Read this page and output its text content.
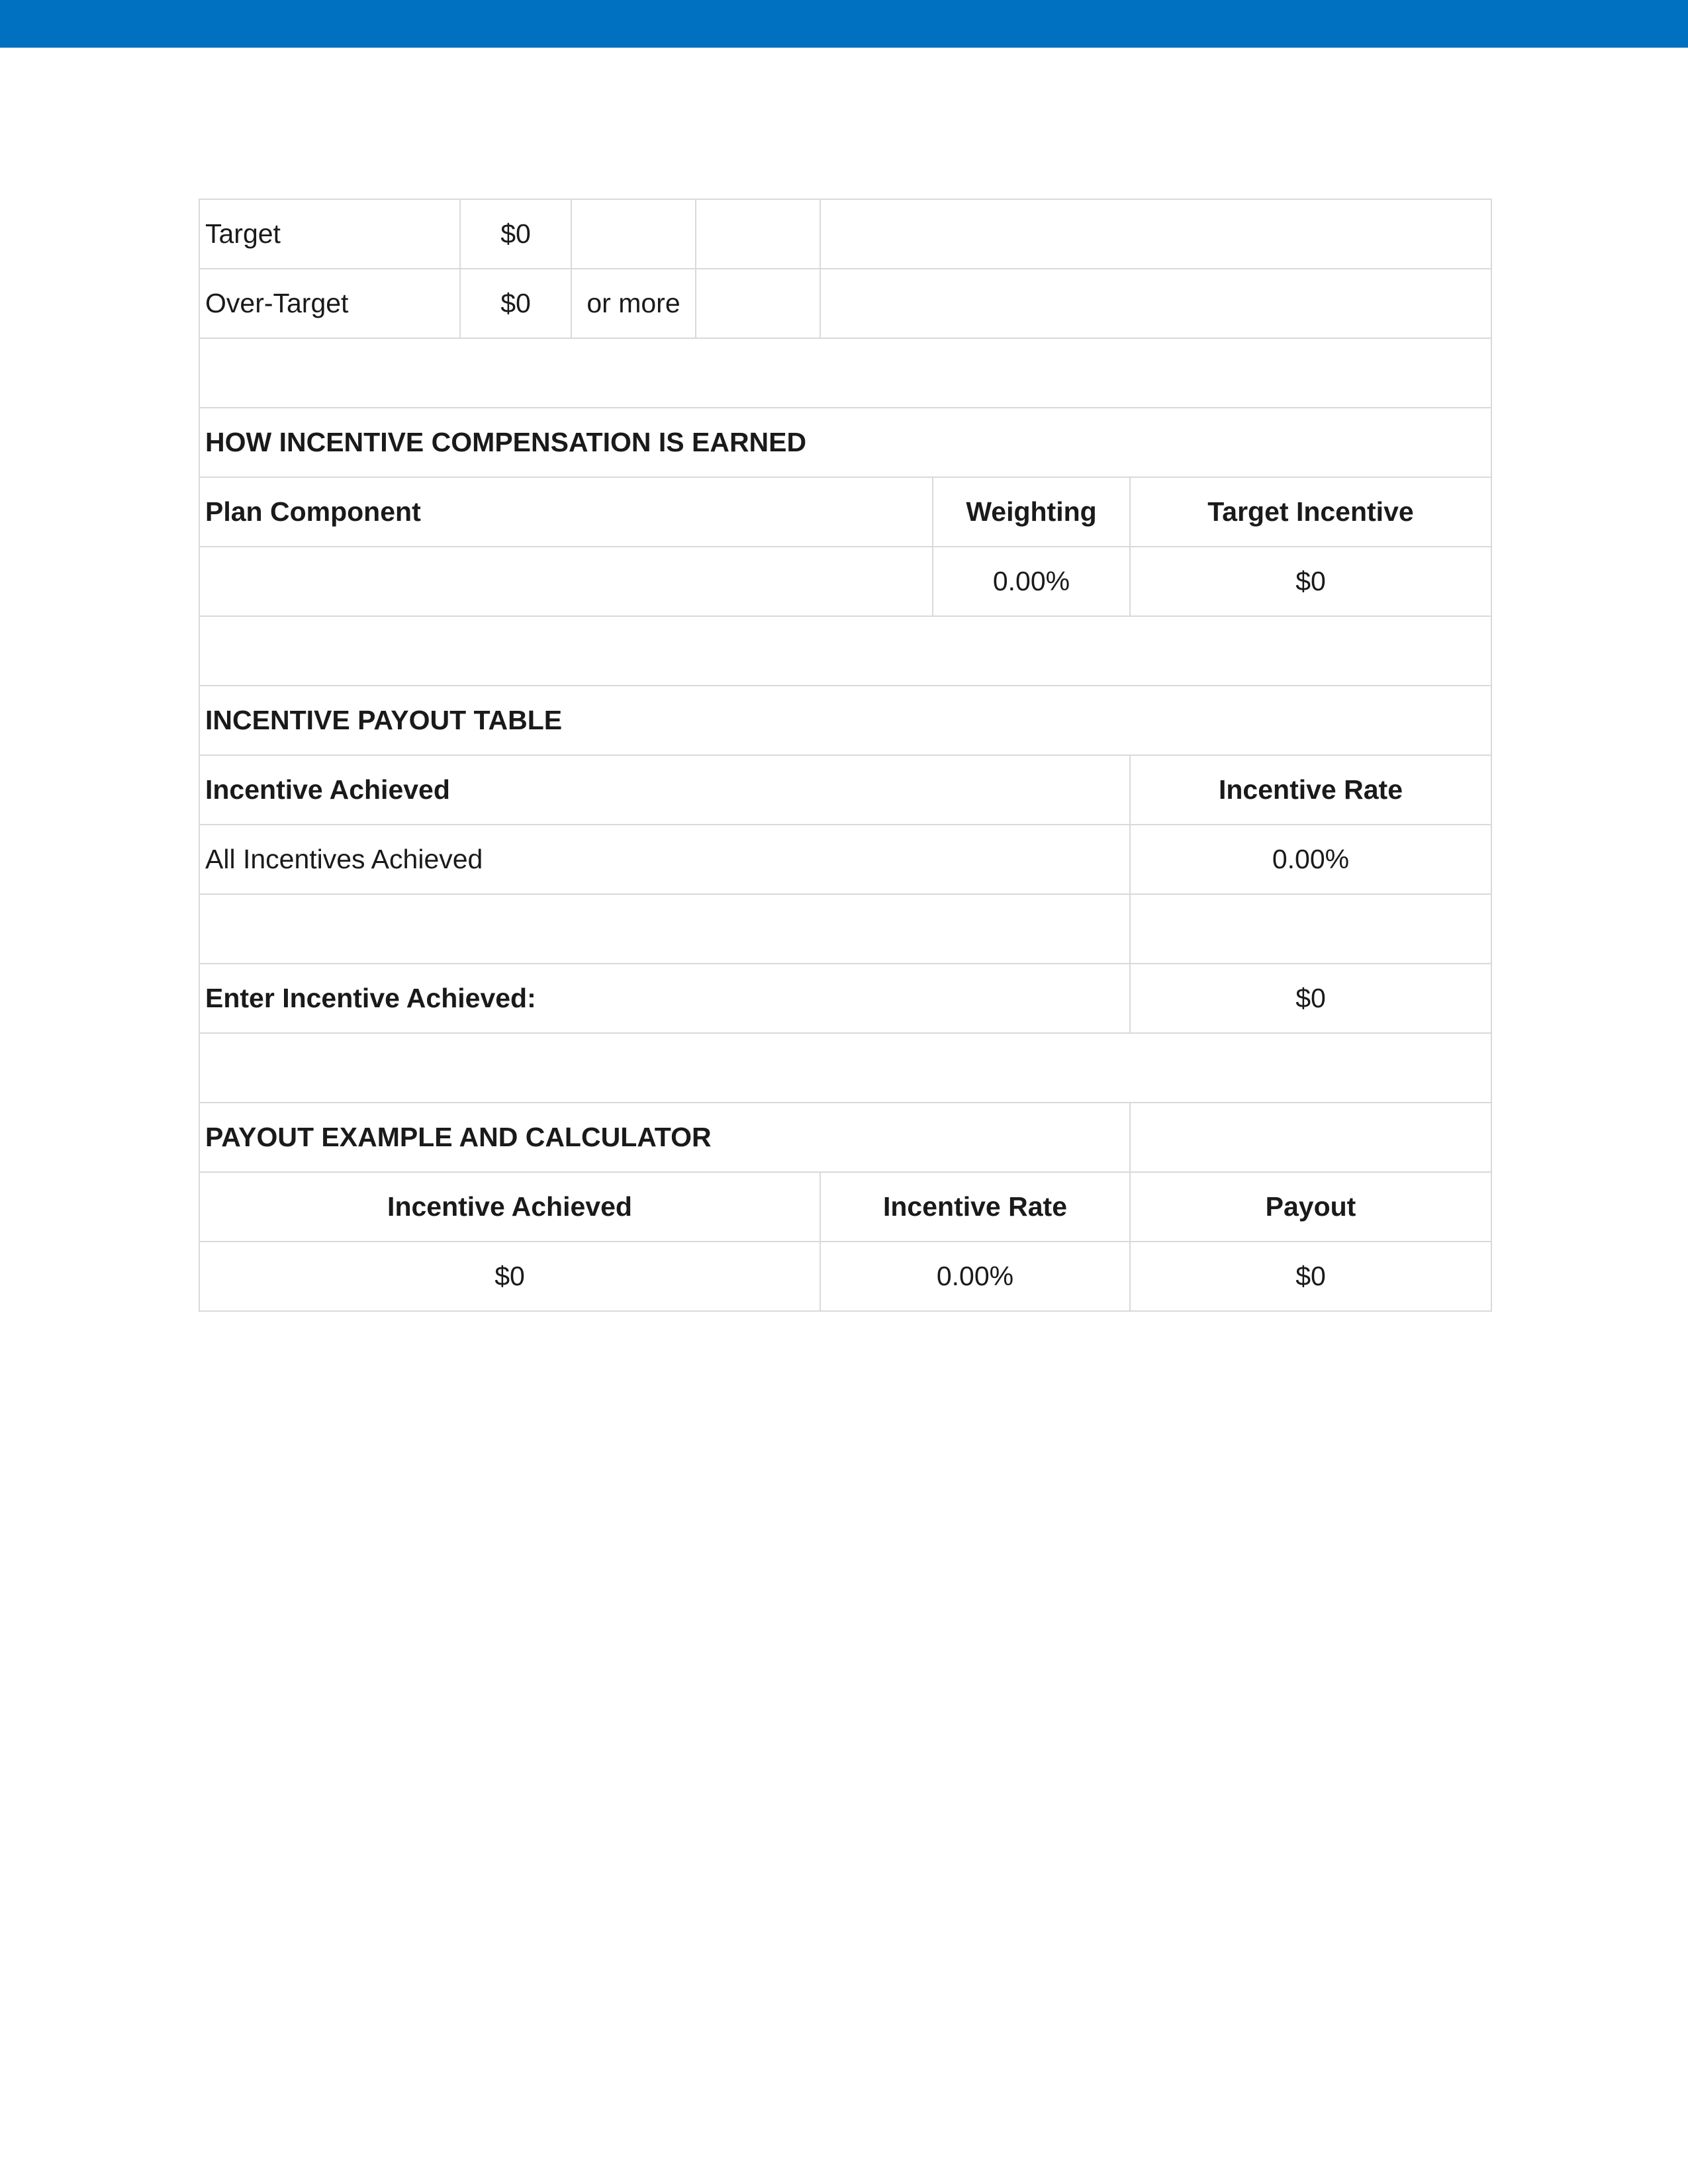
Target	$0					
Over-Target	$0	or more				

HOW INCENTIVE COMPENSATION IS EARNED						
Plan Component					Weighting	Target Incentive
					0.00%	$0

INCENTIVE PAYOUT TABLE						
Incentive Achieved						Incentive Rate
All Incentives Achieved						0.00%

Enter Incentive Achieved:						$0

PAYOUT EXAMPLE AND CALCULATOR						
Incentive Achieved				Incentive Rate		Payout
$0				0.00%		$0
